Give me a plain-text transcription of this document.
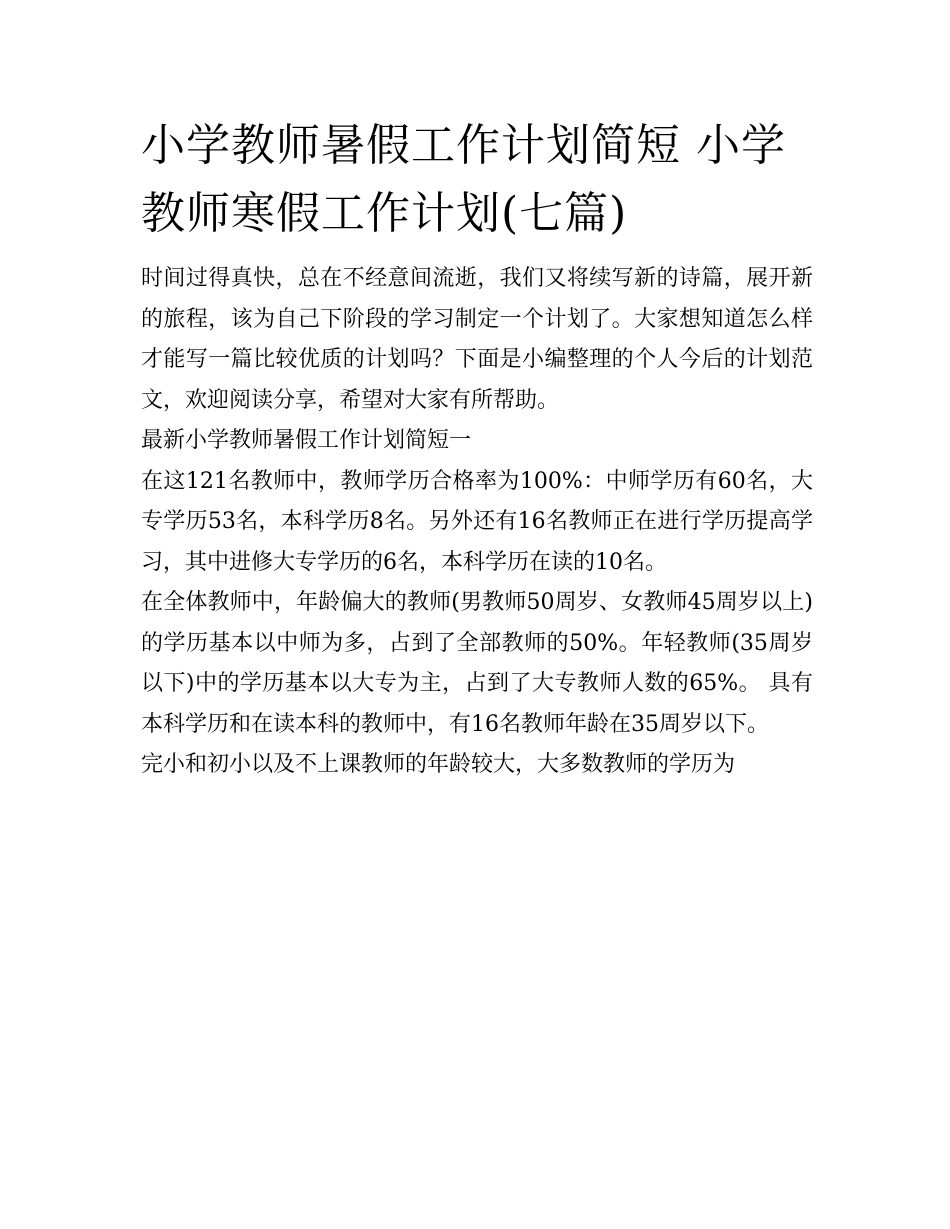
小学教师暑假工作计划简短 小学教师寒假工作计划(七篇)

时间过得真快，总在不经意间流逝，我们又将续写新的诗篇，展开新的旅程，该为自己下阶段的学习制定一个计划了。大家想知道怎么样才能写一篇比较优质的计划吗？下面是小编整理的个人今后的计划范文，欢迎阅读分享，希望对大家有所帮助。

最新小学教师暑假工作计划简短一

在这121名教师中，教师学历合格率为100%：中师学历有60名，大专学历53名，本科学历8名。另外还有16名教师正在进行学历提高学习，其中进修大专学历的6名，本科学历在读的10名。

在全体教师中，年龄偏大的教师(男教师50周岁、女教师45周岁以上)的学历基本以中师为多，占到了全部教师的50%。年轻教师(35周岁以下)中的学历基本以大专为主，占到了大专教师人数的65%。 具有本科学历和在读本科的教师中，有16名教师年龄在35周岁以下。

完小和初小以及不上课教师的年龄较大，大多数教师的学历为
